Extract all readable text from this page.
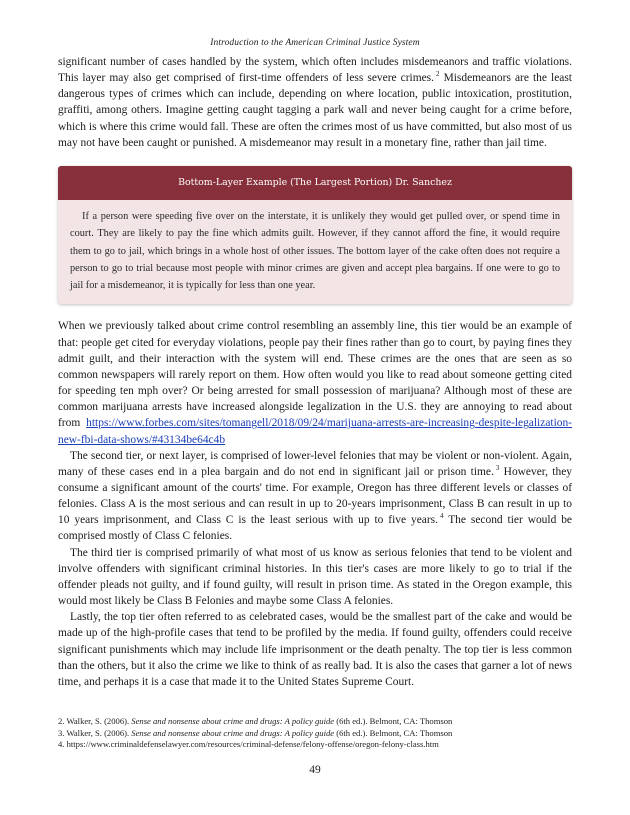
Introduction to the American Criminal Justice System

significant number of cases handled by the system, which often includes misdemeanors and traffic violations. This layer may also get comprised of first-time offenders of less severe crimes. $^2$ Misdemeanors are the least dangerous types of crimes which can include, depending on where location, public intoxication, prostitution, graffiti, among others. Imagine getting caught tagging a park wall and never being caught for a crime before, which is where this crime would fall. These are often the crimes most of us have committed, but also most of us may not have been caught or punished. A misdemeanor may result in a monetary fine, rather than jail time.

Bottom-Layer Example (The Largest Portion) Dr. Sanchez
If a person were speeding five over on the interstate, it is unlikely they would get pulled over, or spend time in court. They are likely to pay the fine which admits guilt. However, if they cannot afford the fine, it would require them to go to jail, which brings in a whole host of other issues. The bottom layer of the cake often does not require a person to go to trial because most people with minor crimes are given and accept plea bargains. If one were to go to jail for a misdemeanor, it is typically for less than one year.

When we previously talked about crime control resembling an assembly line, this tier would be an example of that: people get cited for everyday violations, people pay their fines rather than go to court, by paying fines they admit guilt, and their interaction with the system will end. These crimes are the ones that are seen as so common newspapers will rarely report on them. How often would you like to read about someone getting cited for speeding ten mph over? Or being arrested for small possession of marijuana? Although most of these are common marijuana arrests have increased alongside legalization in the U.S. they are annoying to read about from https://www.forbes.com/sites/tomangell/2018/09/24/marijuana-arrests-are-increasing-despite-legalization-new-fbi-data-shows/#43134be64c4b

The second tier, or next layer, is comprised of lower-level felonies that may be violent or non-violent. Again, many of these cases end in a plea bargain and do not end in significant jail or prison time. $^3$ However, they consume a significant amount of the courts' time. For example, Oregon has three different levels or classes of felonies. Class A is the most serious and can result in up to 20-years imprisonment, Class B can result in up to 10 years imprisonment, and Class C is the least serious with up to five years. $^4$ The second tier would be comprised mostly of Class C felonies.

The third tier is comprised primarily of what most of us know as serious felonies that tend to be violent and involve offenders with significant criminal histories. In this tier's cases are more likely to go to trial if the offender pleads not guilty, and if found guilty, will result in prison time. As stated in the Oregon example, this would most likely be Class B Felonies and maybe some Class A felonies.

Lastly, the top tier often referred to as celebrated cases, would be the smallest part of the cake and would be made up of the high-profile cases that tend to be profiled by the media. If found guilty, offenders could receive significant punishments which may include life imprisonment or the death penalty. The top tier is less common than the others, but it also the crime we like to think of as really bad. It is also the cases that garner a lot of news time, and perhaps it is a case that made it to the United States Supreme Court.

2. Walker, S. (2006). Sense and nonsense about crime and drugs: A policy guide (6th ed.). Belmont, CA: Thomson
3. Walker, S. (2006). Sense and nonsense about crime and drugs: A policy guide (6th ed.). Belmont, CA: Thomson
4. https://www.criminaldefenselawyer.com/resources/criminal-defense/felony-offense/oregon-felony-class.htm
49
